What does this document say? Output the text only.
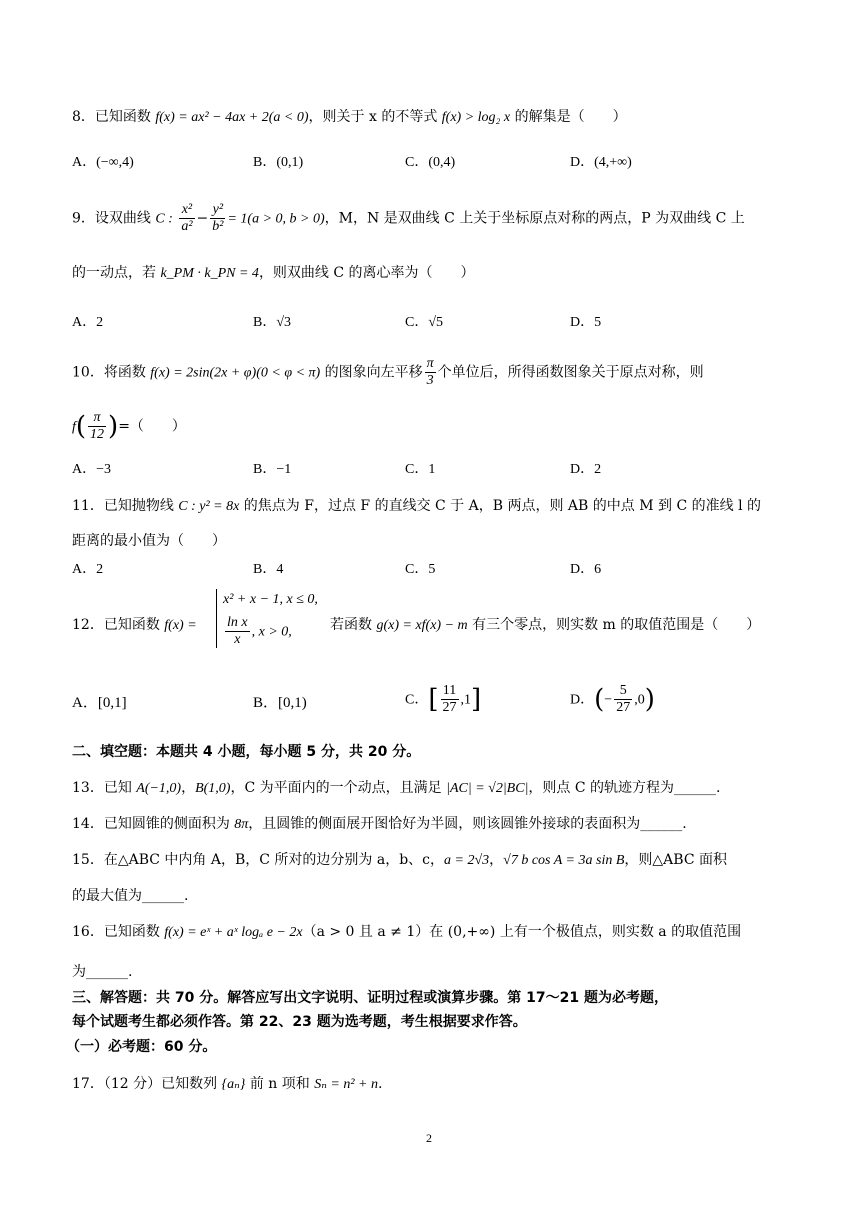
8．已知函数 f(x) = ax² − 4ax + 2(a < 0)，则关于 x 的不等式 f(x) > log₂ x 的解集是（　　）
A．(−∞,4)	B．(0,1)	C．(0,4)	D．(4,+∞)
9．设双曲线 C : $\frac{\text{x²}}{\text{a²}} - \frac{\text{y²}}{\text{b²}} = 1(a > 0$, b > 0)，M，N 是双曲线 C 上关于坐标原点对称的两点，P 为双曲线 C 上
的一动点，若 k_PM · k_PN = 4，则双曲线 C 的离心率为（　　）
A．2	B．√3	C．√5	D．5
10．将函数 f(x) = 2sin(2x + φ)(0 < φ < π) 的图象向左平移 $\frac{\pi}{3}$ 个单位后，所得函数图象关于原点对称，则
$f( \frac{\pi}{12}$ )=（　　）
A．−3	B．−1	C．1	D．2
11．已知抛物线 C : y² = 8x 的焦点为 F，过点 F 的直线交 C 于 A，B 两点，则 AB 的中点 M 到 C 的准线 l 的
距离的最小值为（　　）
A．2	B．4	C．5	D．6
12．已知函数 f(x) =
x² + x − 1, x ≤ 0,
$\frac{\text{ln x}}{x}$ , x > 0,	若函数 g(x) = xf(x) − m 有三个零点，则实数 m 的取值范围是（　　）
A．[0,1]	B．[0,1)	C．[ $\frac{11}{27} ,1$]	D．(− $\frac{5}{27} ,0$)
二、填空题：本题共 4 小题，每小题 5 分，共 20 分。
13．已知 A(−1,0)，B(1,0)，C 为平面内的一个动点，且满足 |AC| = √2|BC|，则点 C 的轨迹方程为______.
14．已知圆锥的侧面积为 8π，且圆锥的侧面展开图恰好为半圆，则该圆锥外接球的表面积为______.
15．在△ABC 中内角 A，B，C 所对的边分别为 a，b、c，a = 2√3，√7 b cos A = 3a sin B，则△ABC 面积
的最大值为______.
16．已知函数 f(x) = eˣ + aˣ logₐ e − 2x（a > 0 且 a ≠ 1）在 (0,+∞) 上有一个极值点，则实数 a 的取值范围
为______.
三、解答题：共 70 分。解答应写出文字说明、证明过程或演算步骤。第 17～21 题为必考题，
每个试题考生都必须作答。第 22、23 题为选考题，考生根据要求作答。
（一）必考题：60 分。
17．（12 分）已知数列 {aₙ} 前 n 项和 Sₙ = n² + n.
2
